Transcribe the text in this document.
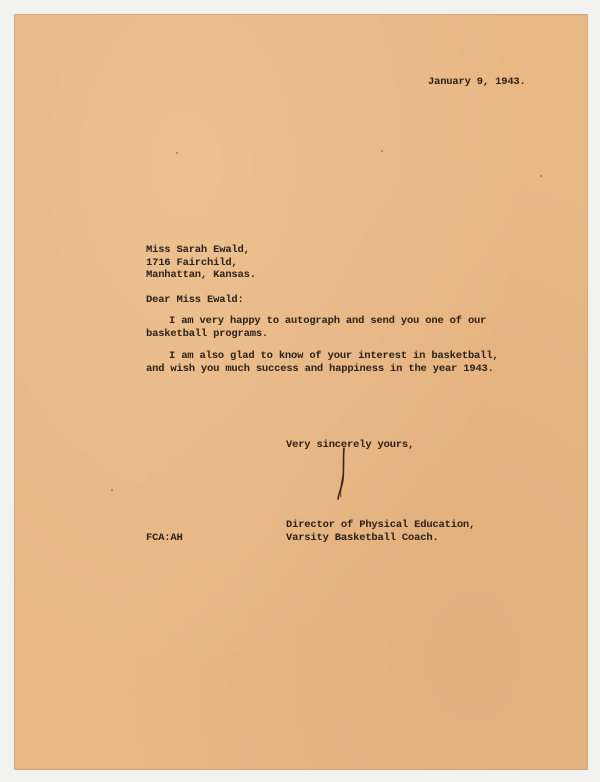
January 9, 1943.
Miss Sarah Ewald,
1716 Fairchild,
Manhattan, Kansas.
Dear Miss Ewald:
I am very happy to autograph and send you one of our
basketball programs.
I am also glad to know of your interest in basketball,
and wish you much success and happiness in the year 1943.
Very sincerely yours,
Director of Physical Education,
Varsity Basketball Coach.
FCA:AH
